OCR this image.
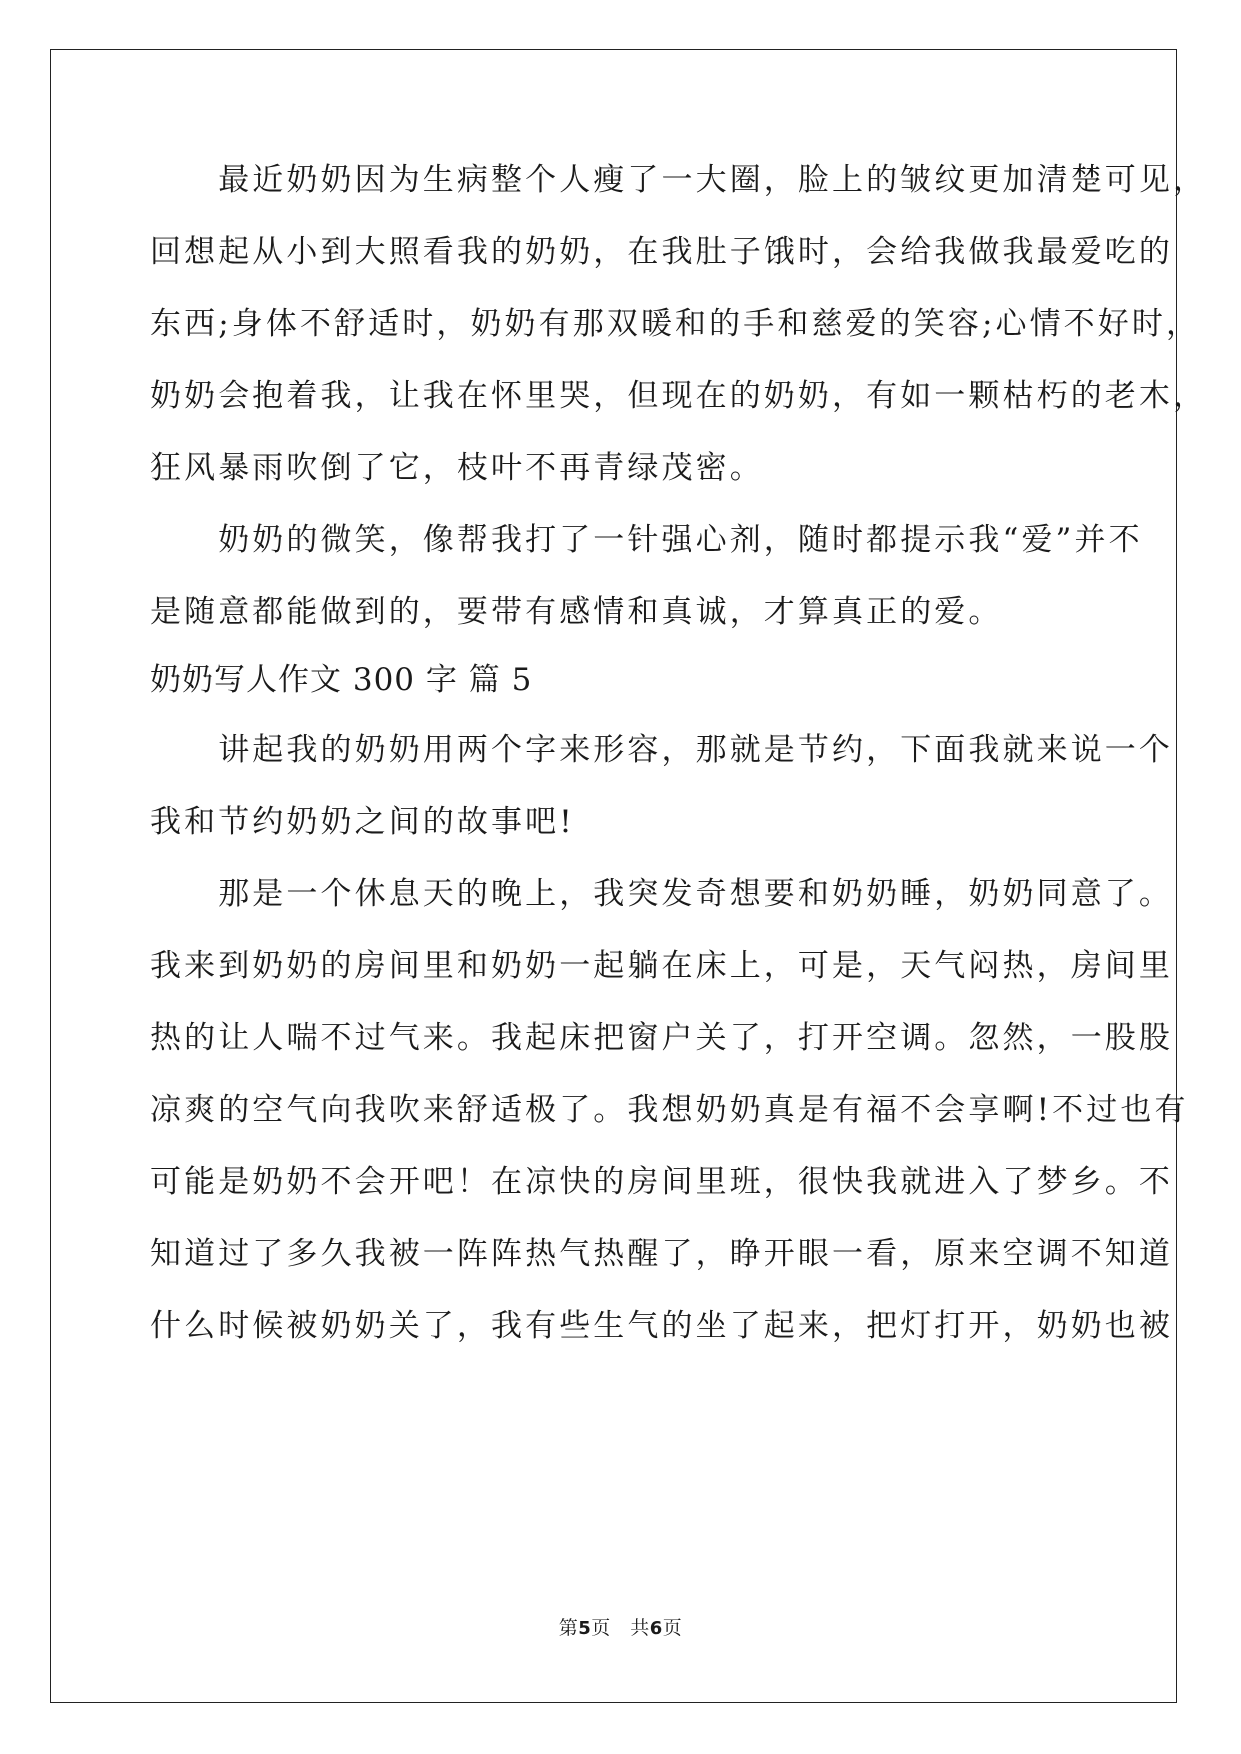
　　最近奶奶因为生病整个人瘦了一大圈，脸上的皱纹更加清楚可见，
回想起从小到大照看我的奶奶，在我肚子饿时，会给我做我最爱吃的
东西;身体不舒适时，奶奶有那双暖和的手和慈爱的笑容;心情不好时，
奶奶会抱着我，让我在怀里哭，但现在的奶奶，有如一颗枯朽的老木，
狂风暴雨吹倒了它，枝叶不再青绿茂密。
　　奶奶的微笑，像帮我打了一针强心剂，随时都提示我“爱”并不
是随意都能做到的，要带有感情和真诚，才算真正的爱。
奶奶写人作文 300 字 篇 5
　　讲起我的奶奶用两个字来形容，那就是节约，下面我就来说一个
我和节约奶奶之间的故事吧!
　　那是一个休息天的晚上，我突发奇想要和奶奶睡，奶奶同意了。
我来到奶奶的房间里和奶奶一起躺在床上，可是，天气闷热，房间里
热的让人喘不过气来。我起床把窗户关了，打开空调。忽然，一股股
凉爽的空气向我吹来舒适极了。我想奶奶真是有福不会享啊!不过也有
可能是奶奶不会开吧！在凉快的房间里班，很快我就进入了梦乡。不
知道过了多久我被一阵阵热气热醒了，睁开眼一看，原来空调不知道
什么时候被奶奶关了，我有些生气的坐了起来，把灯打开，奶奶也被
第5页　共6页
